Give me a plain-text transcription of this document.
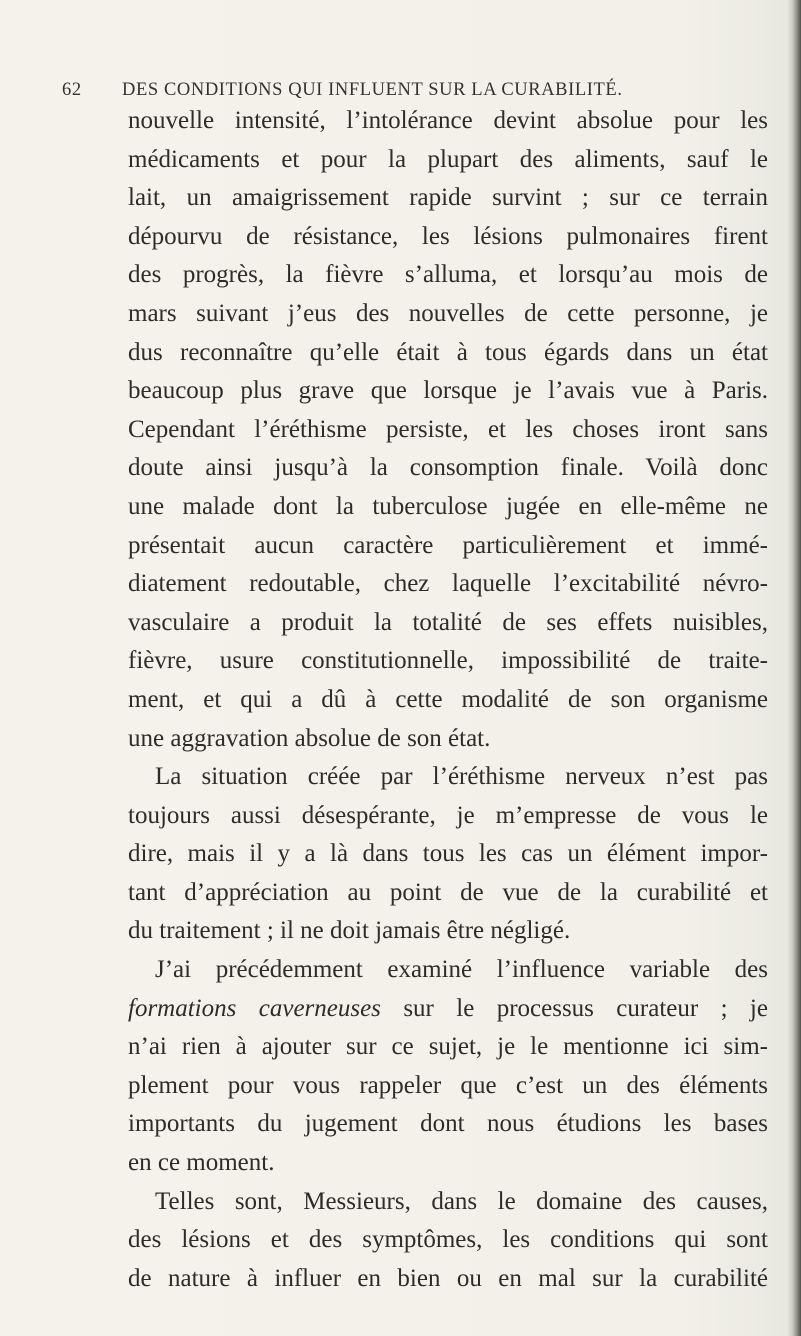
62 DES CONDITIONS QUI INFLUENT SUR LA CURABILITÉ.
nouvelle intensité, l’intolérance devint absolue pour les
médicaments et pour la plupart des aliments, sauf le
lait, un amaigrissement rapide survint ; sur ce terrain
dépourvu de résistance, les lésions pulmonaires firent
des progrès, la fièvre s’alluma, et lorsqu’au mois de
mars suivant j’eus des nouvelles de cette personne, je
dus reconnaître qu’elle était à tous égards dans un état
beaucoup plus grave que lorsque je l’avais vue à Paris.
Cependant l’éréthisme persiste, et les choses iront sans
doute ainsi jusqu’à la consomption finale. Voilà donc
une malade dont la tuberculose jugée en elle-même ne
présentait aucun caractère particulièrement et immé-
diatement redoutable, chez laquelle l’excitabilité névro-
vasculaire a produit la totalité de ses effets nuisibles,
fièvre, usure constitutionnelle, impossibilité de traite-
ment, et qui a dû à cette modalité de son organisme
une aggravation absolue de son état.
La situation créée par l’éréthisme nerveux n’est pas
toujours aussi désespérante, je m’empresse de vous le
dire, mais il y a là dans tous les cas un élément impor-
tant d’appréciation au point de vue de la curabilité et
du traitement ; il ne doit jamais être négligé.
J’ai précédemment examiné l’influence variable des
formations caverneuses sur le processus curateur ; je
n’ai rien à ajouter sur ce sujet, je le mentionne ici sim-
plement pour vous rappeler que c’est un des éléments
importants du jugement dont nous étudions les bases
en ce moment.
Telles sont, Messieurs, dans le domaine des causes,
des lésions et des symptômes, les conditions qui sont
de nature à influer en bien ou en mal sur la curabilité
